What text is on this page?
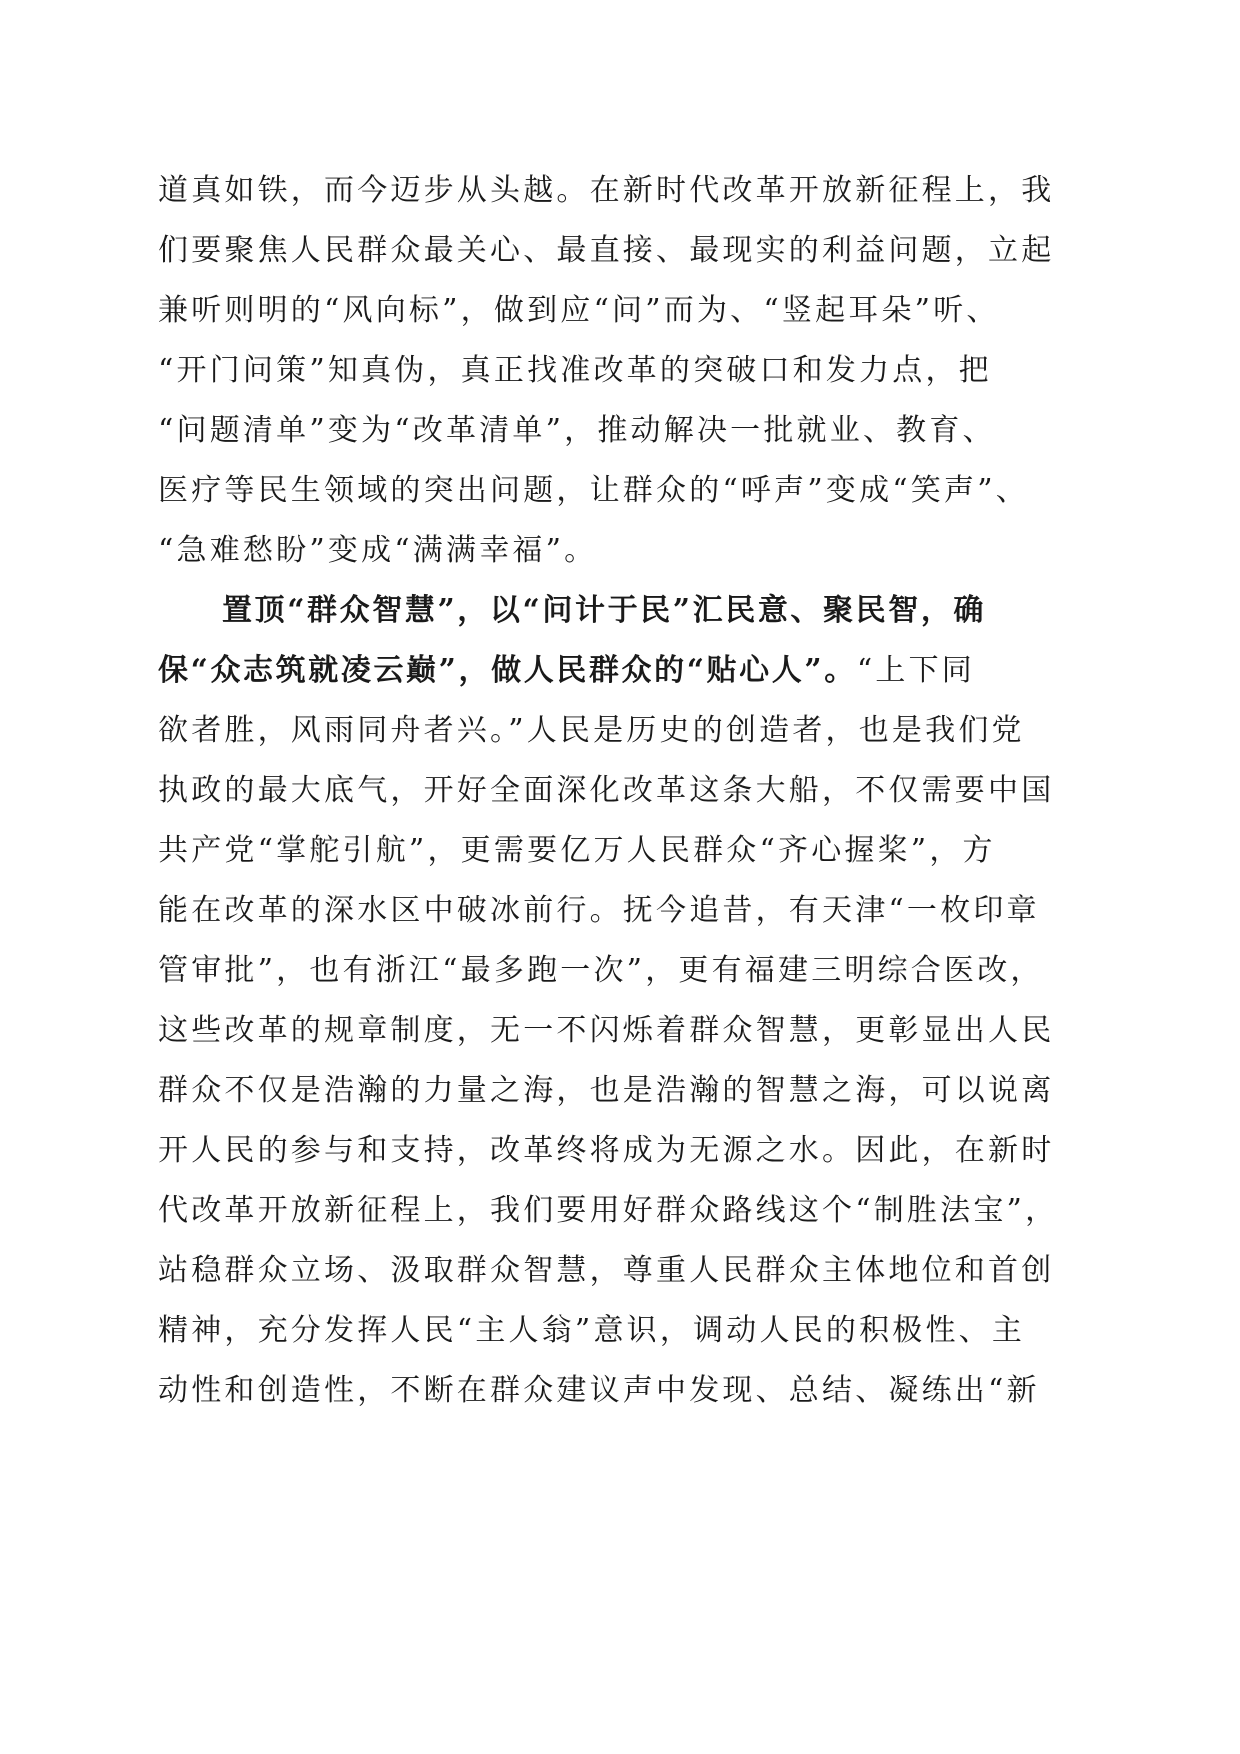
道真如铁，而今迈步从头越。在新时代改革开放新征程上，我
们要聚焦人民群众最关心、最直接、最现实的利益问题，立起
兼听则明的“风向标”，做到应“问”而为、“竖起耳朵”听、
“开门问策”知真伪，真正找准改革的突破口和发力点，把
“问题清单”变为“改革清单”，推动解决一批就业、教育、
医疗等民生领域的突出问题，让群众的“呼声”变成“笑声”、
“急难愁盼”变成“满满幸福”。
置顶“群众智慧”，以“问计于民”汇民意、聚民智，确
保“众志筑就凌云巅”，做人民群众的“贴心人”。“上下同
欲者胜，风雨同舟者兴。”人民是历史的创造者，也是我们党
执政的最大底气，开好全面深化改革这条大船，不仅需要中国
共产党“掌舵引航”，更需要亿万人民群众“齐心握桨”，方
能在改革的深水区中破冰前行。抚今追昔，有天津“一枚印章
管审批”，也有浙江“最多跑一次”，更有福建三明综合医改，
这些改革的规章制度，无一不闪烁着群众智慧，更彰显出人民
群众不仅是浩瀚的力量之海，也是浩瀚的智慧之海，可以说离
开人民的参与和支持，改革终将成为无源之水。因此，在新时
代改革开放新征程上，我们要用好群众路线这个“制胜法宝”，
站稳群众立场、汲取群众智慧，尊重人民群众主体地位和首创
精神，充分发挥人民“主人翁”意识，调动人民的积极性、主
动性和创造性，不断在群众建议声中发现、总结、凝练出“新
